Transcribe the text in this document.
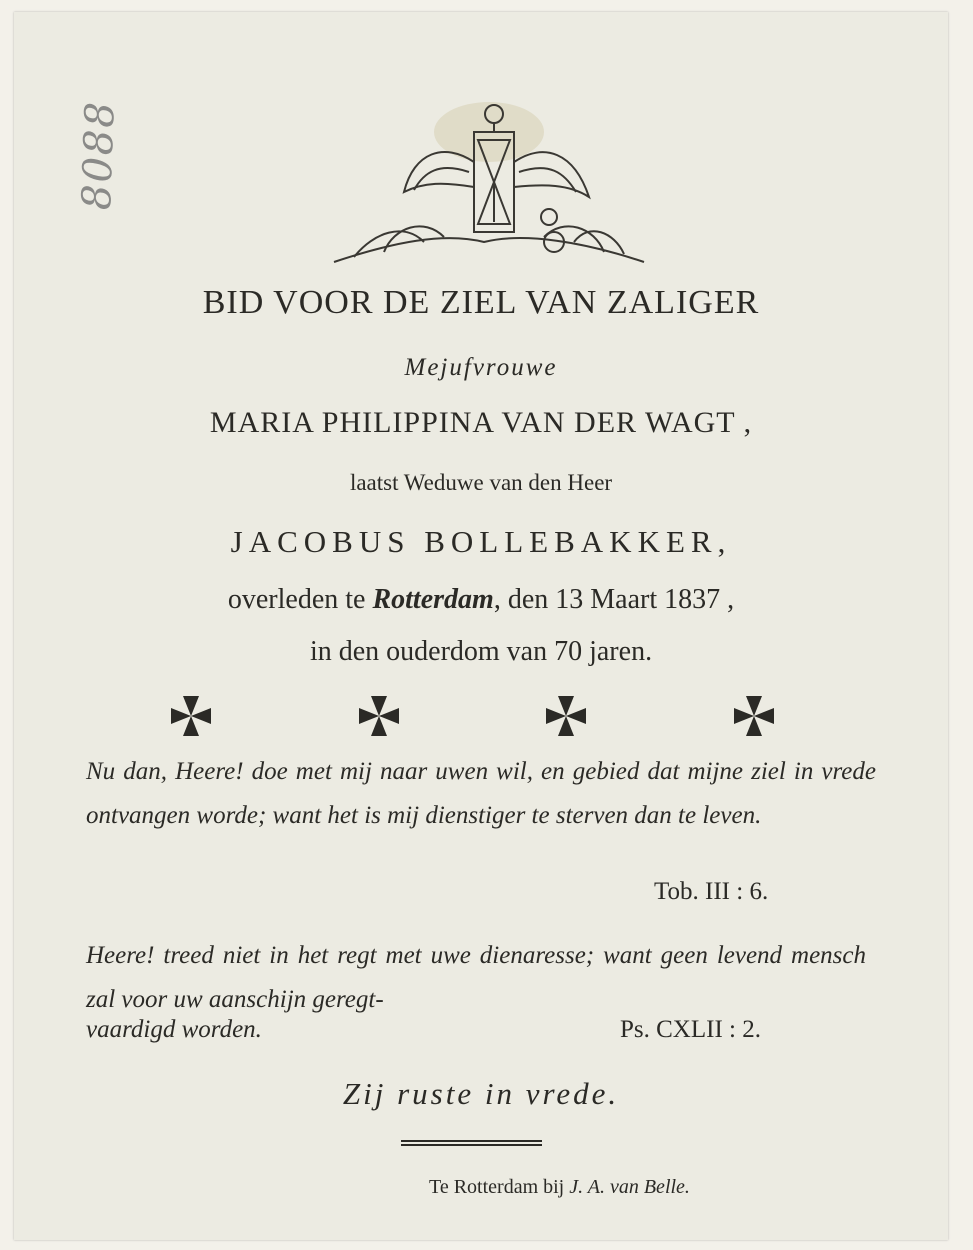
8088
BID VOOR DE ZIEL VAN ZALIGER
Mejufvrouwe
MARIA PHILIPPINA VAN DER WAGT ,
laatst Weduwe van den Heer
JACOBUS BOLLEBAKKER,
overleden te Rotterdam, den 13 Maart 1837 ,
in den ouderdom van 70 jaren.
Nu dan, Heere! doe met mij naar uwen wil, en gebied dat mijne ziel in vrede ontvangen worde; want het is mij dienstiger te sterven dan te leven.
Tob. III : 6.
Heere! treed niet in het regt met uwe dienaresse; want geen levend mensch zal voor uw aanschijn geregt-
vaardigd worden.	Ps. CXLII : 2.
Zij ruste in vrede.
Te Rotterdam bij J. A. van Belle.
